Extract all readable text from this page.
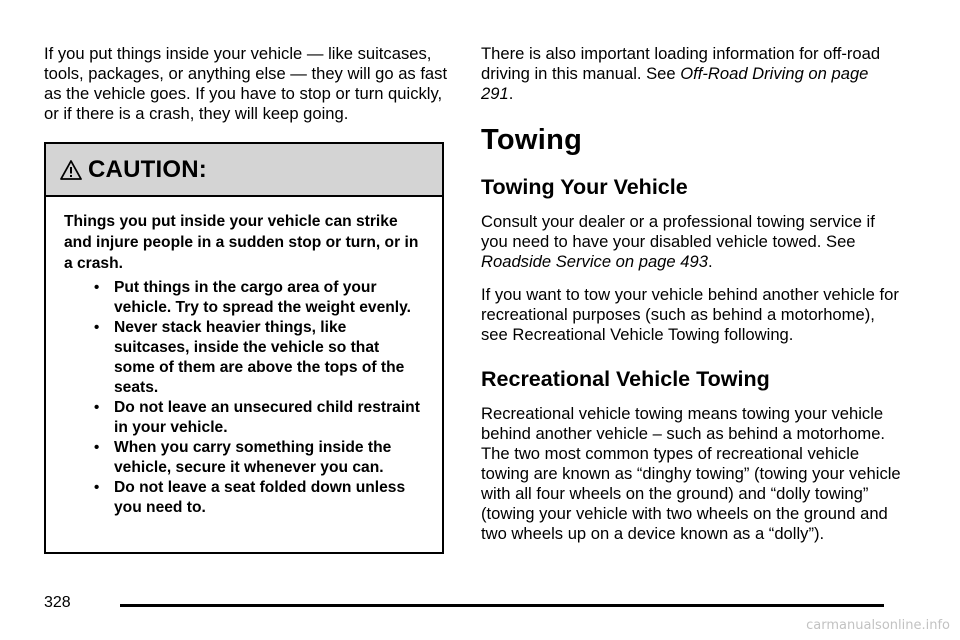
If you put things inside your vehicle — like suitcases, tools, packages, or anything else — they will go as fast as the vehicle goes. If you have to stop or turn quickly, or if there is a crash, they will keep going.

CAUTION:

Things you put inside your vehicle can strike and injure people in a sudden stop or turn, or in a crash.

• Put things in the cargo area of your vehicle. Try to spread the weight evenly.
• Never stack heavier things, like suitcases, inside the vehicle so that some of them are above the tops of the seats.
• Do not leave an unsecured child restraint in your vehicle.
• When you carry something inside the vehicle, secure it whenever you can.
• Do not leave a seat folded down unless you need to.

There is also important loading information for off-road driving in this manual. See Off-Road Driving on page 291.

Towing
Towing Your Vehicle

Consult your dealer or a professional towing service if you need to have your disabled vehicle towed. See Roadside Service on page 493.

If you want to tow your vehicle behind another vehicle for recreational purposes (such as behind a motorhome), see Recreational Vehicle Towing following.

Recreational Vehicle Towing

Recreational vehicle towing means towing your vehicle behind another vehicle – such as behind a motorhome. The two most common types of recreational vehicle towing are known as “dinghy towing” (towing your vehicle with all four wheels on the ground) and “dolly towing” (towing your vehicle with two wheels on the ground and two wheels up on a device known as a “dolly”).

328
carmanualsonline.info
